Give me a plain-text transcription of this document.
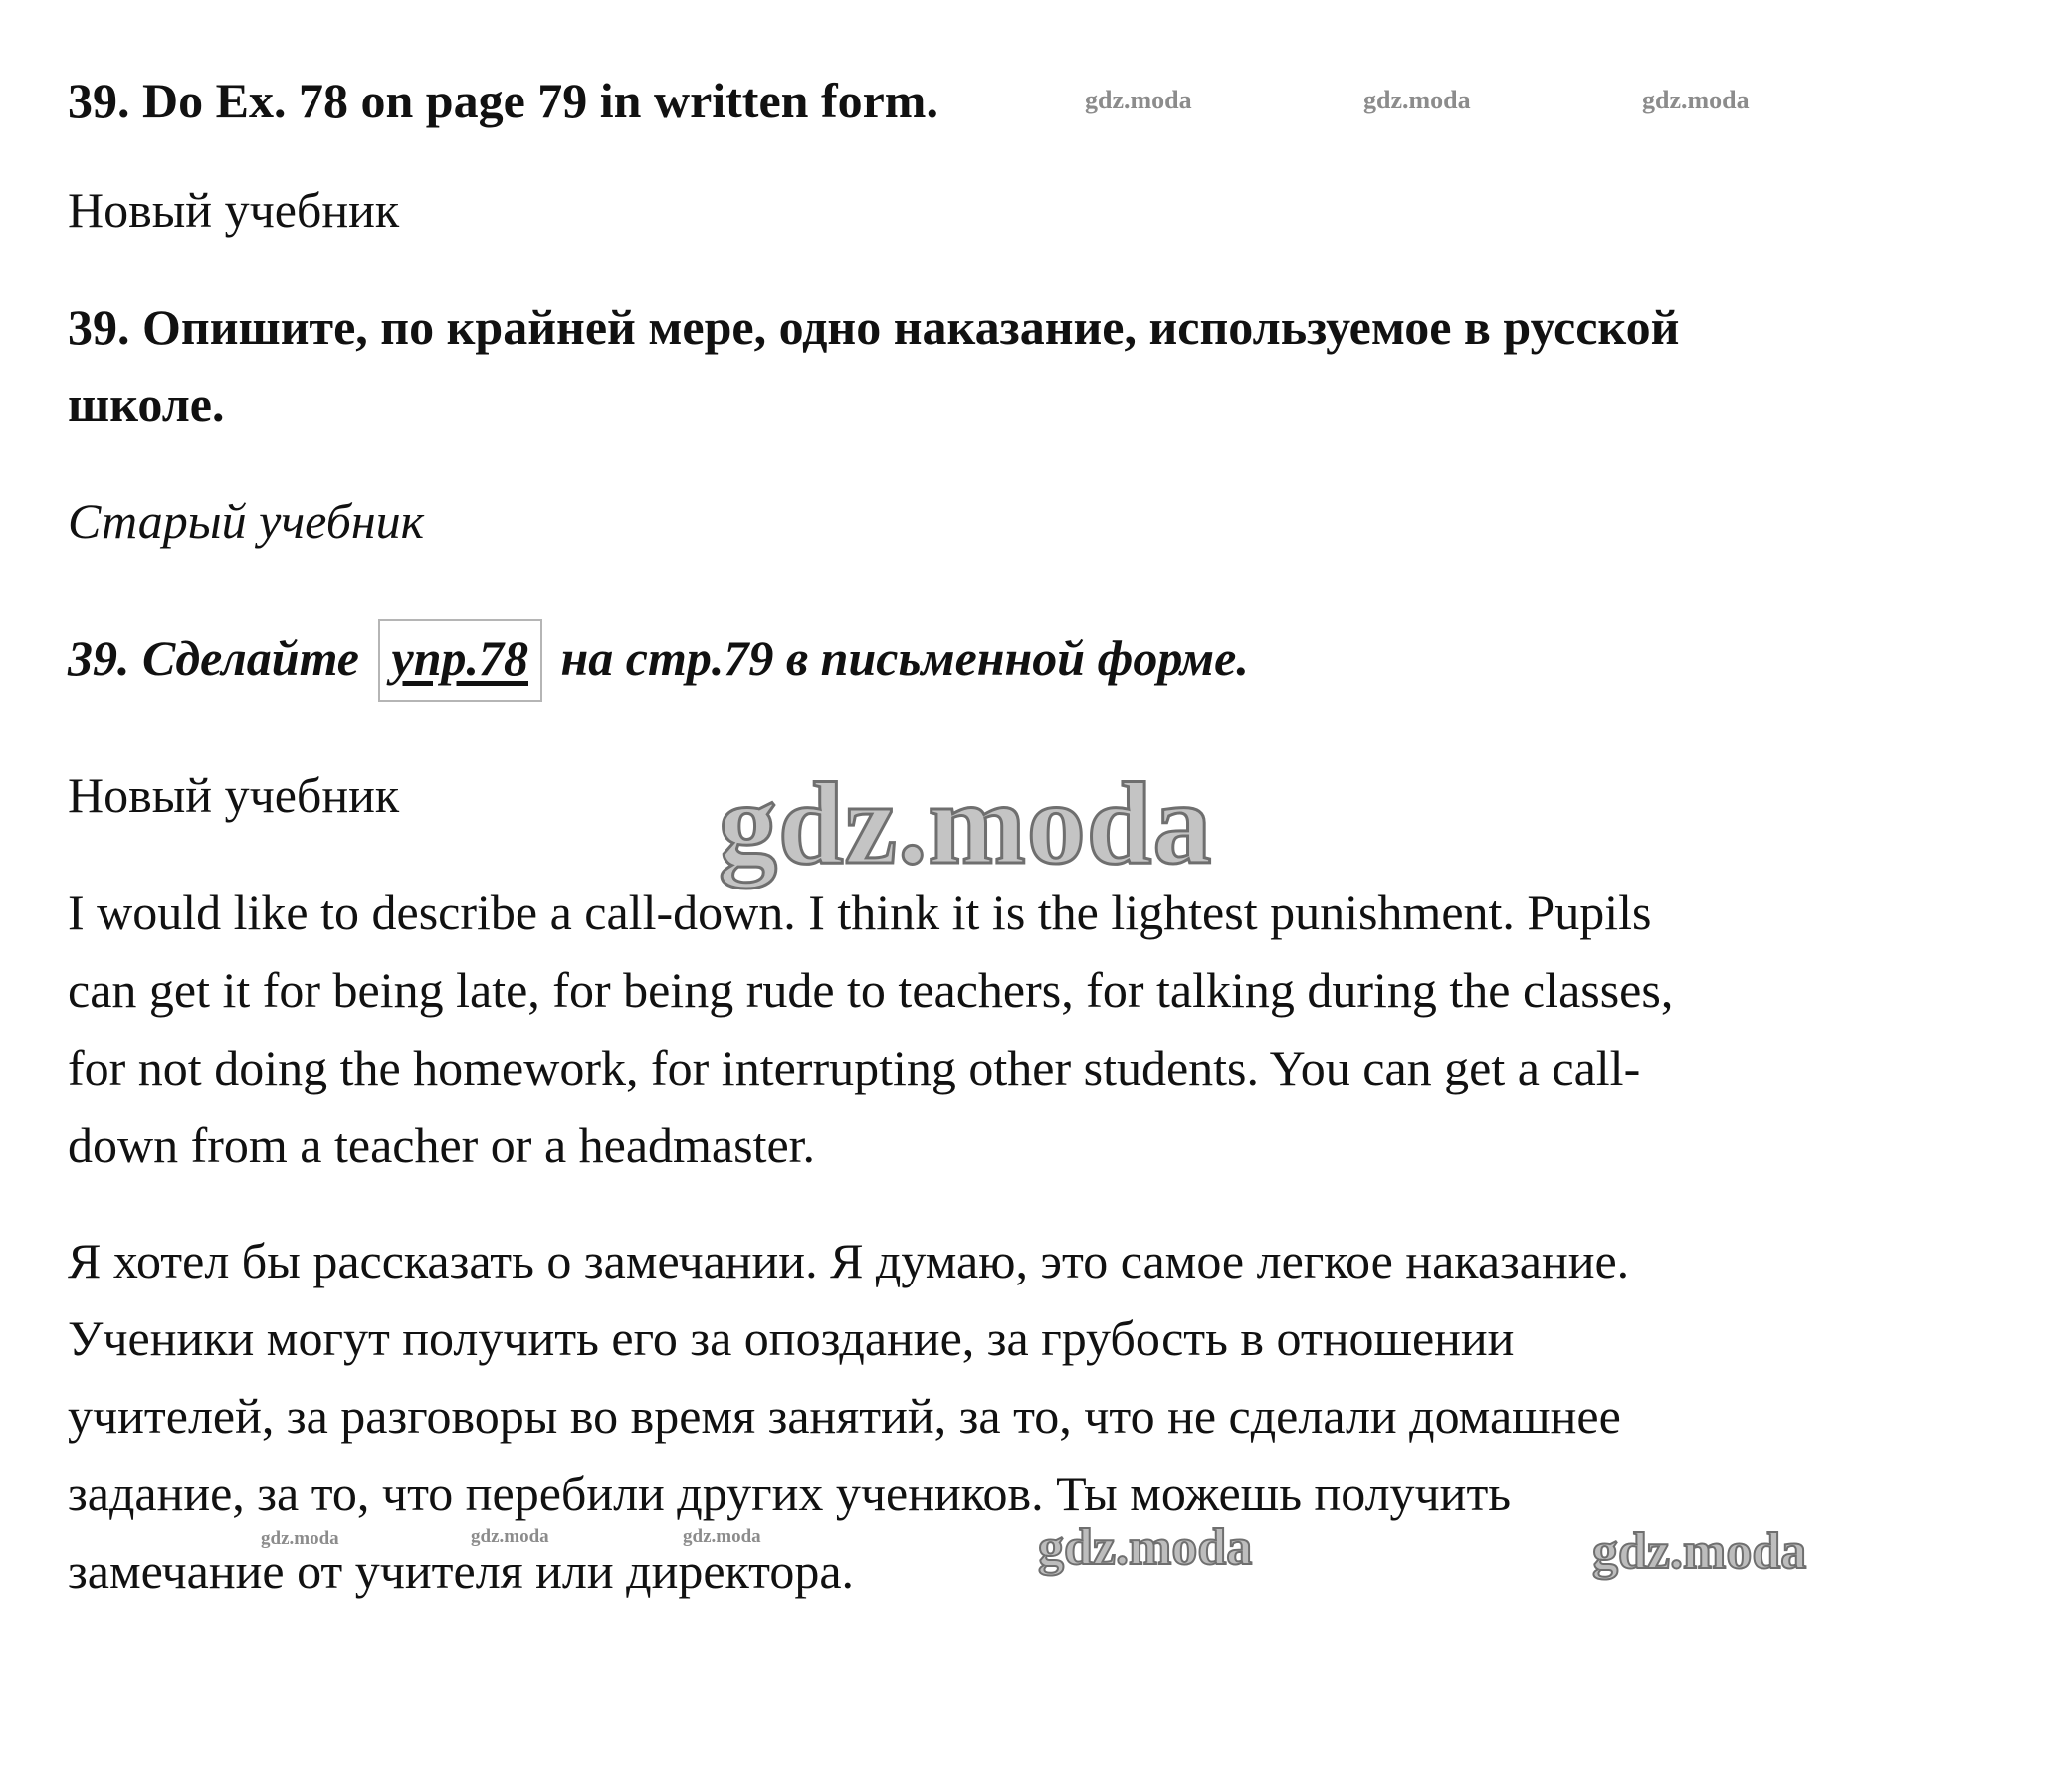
39. Do Ex. 78 on page 79 in written form.
Новый учебник
39. Опишите, по крайней мере, одно наказание, используемое в русской
школе.
Старый учебник
39. Сделайте упр.78 на стр.79 в письменной форме.
Новый учебник
I would like to describe a call-down. I think it is the lightest punishment. Pupils
can get it for being late, for being rude to teachers, for talking during the classes,
for not doing the homework, for interrupting other students. You can get a call-
down from a teacher or a headmaster.
Я хотел бы рассказать о замечании. Я думаю, это самое легкое наказание.
Ученики могут получить его за опоздание, за грубость в отношении
учителей, за разговоры во время занятий, за то, что не сделали домашнее
задание, за то, что перебили других учеников. Ты можешь получить
замечание от учителя или директора.
gdz.moda	gdz.moda	gdz.moda
gdz.moda
gdz.moda	gdz.moda	gdz.moda	gdz.moda	gdz.moda
